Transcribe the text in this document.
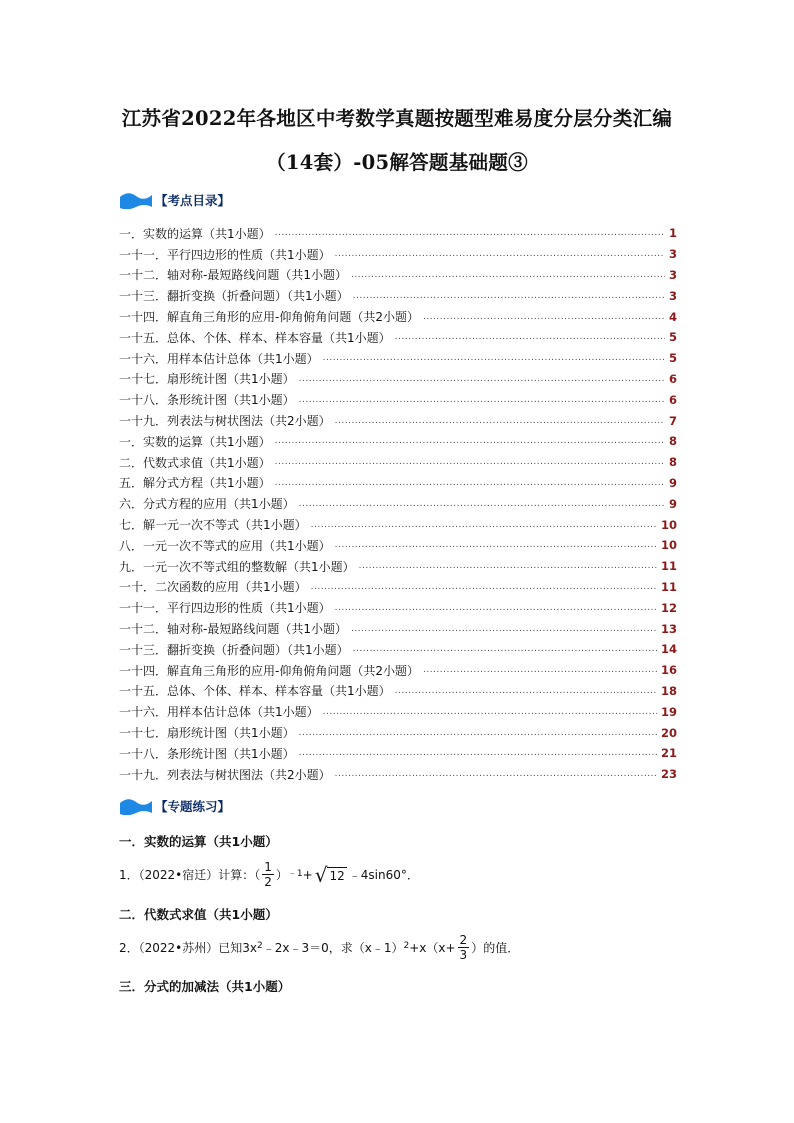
江苏省2022年各地区中考数学真题按题型难易度分层分类汇编
（14套）-05解答题基础题③
【考点目录】
一．实数的运算（共1小题） .....	1
一十一．平行四边形的性质（共1小题） .....	3
一十二．轴对称-最短路线问题（共1小题） .....	3
一十三．翻折变换（折叠问题）（共1小题） .....	3
一十四．解直角三角形的应用-仰角俯角问题（共2小题） .....	4
一十五．总体、个体、样本、样本容量（共1小题） .....	5
一十六．用样本估计总体（共1小题） .....	5
一十七．扇形统计图（共1小题） .....	6
一十八．条形统计图（共1小题） .....	6
一十九．列表法与树状图法（共2小题） .....	7
一．实数的运算（共1小题） .....	8
二．代数式求值（共1小题） .....	8
五．解分式方程（共1小题） .....	9
六．分式方程的应用（共1小题） .....	9
七．解一元一次不等式（共1小题） .....	10
八．一元一次不等式的应用（共1小题） .....	10
九．一元一次不等式组的整数解（共1小题） .....	11
一十．二次函数的应用（共1小题） .....	11
一十一．平行四边形的性质（共1小题） .....	12
一十二．轴对称-最短路线问题（共1小题） .....	13
一十三．翻折变换（折叠问题）（共1小题） .....	14
一十四．解直角三角形的应用-仰角俯角问题（共2小题） .....	16
一十五．总体、个体、样本、样本容量（共1小题） .....	18
一十六．用样本估计总体（共1小题） .....	19
一十七．扇形统计图（共1小题） .....	20
一十八．条形统计图（共1小题） .....	21
一十九．列表法与树状图法（共2小题） .....	23
【专题练习】
一．实数的运算（共1小题）
1．（2022•宿迁）计算：（ $\frac{1}{2} )^{﹣1}$ + √ 12 ﹣4sin60°．
二．代数式求值（共1小题）
2．（2022•苏州）已知$3x^2$ ﹣2x﹣3＝0，求（x﹣1）$^2$ $+x(x+ \frac{2}{3}$ ）的值．
三．分式的加减法（共1小题）
